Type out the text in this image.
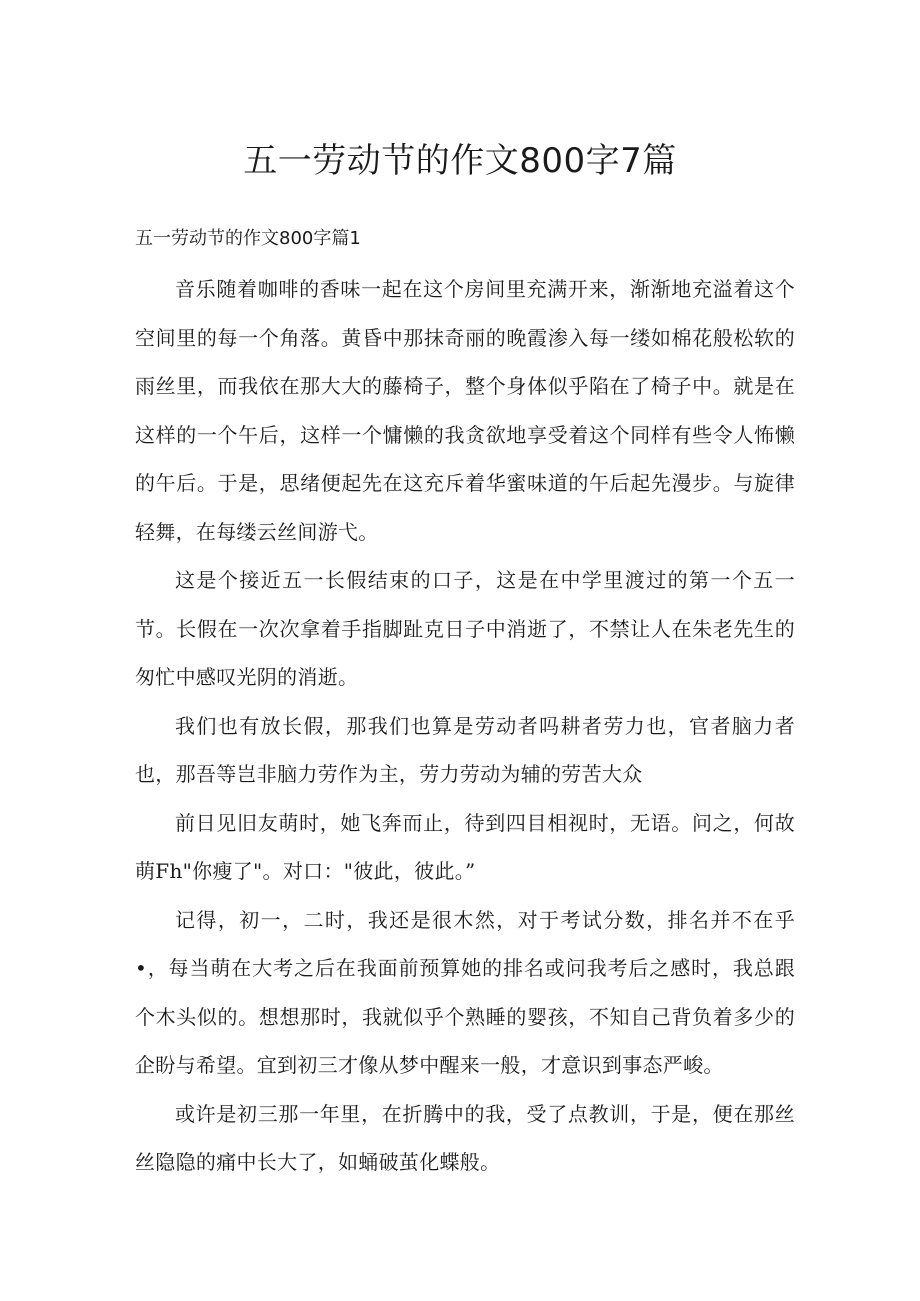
五一劳动节的作文800字7篇
五一劳动节的作文800字篇1

音乐随着咖啡的香味一起在这个房间里充满开来，渐渐地充溢着这个空间里的每一个角落。黄昏中那抹奇丽的晚霞渗入每一缕如棉花般松软的雨丝里，而我依在那大大的藤椅子，整个身体似乎陷在了椅子中。就是在这样的一个午后，这样一个慵懒的我贪欲地享受着这个同样有些令人怖懒的午后。于是，思绪便起先在这充斥着华蜜味道的午后起先漫步。与旋律轻舞，在每缕云丝间游弋。

这是个接近五一长假结束的口子，这是在中学里渡过的第一个五一节。长假在一次次拿着手指脚趾克日子中消逝了，不禁让人在朱老先生的匆忙中感叹光阴的消逝。

我们也有放长假，那我们也算是劳动者吗耕者劳力也，官者脑力者也，那吾等岂非脑力劳作为主，劳力劳动为辅的劳苦大众

前日见旧友萌时，她飞奔而止，待到四目相视时，无语。问之，何故萌Fh"你瘦了"。对口："彼此，彼此。”

记得，初一，二时，我还是很木然，对于考试分数，排名并不在乎•，每当萌在大考之后在我面前预算她的排名或问我考后之感时，我总跟个木头似的。想想那时，我就似乎个熟睡的婴孩，不知自己背负着多少的企盼与希望。宜到初三才像从梦中醒来一般，才意识到事态严峻。

或许是初三那一年里，在折腾中的我，受了点教训，于是，便在那丝丝隐隐的痛中长大了，如蛹破茧化蝶般。
